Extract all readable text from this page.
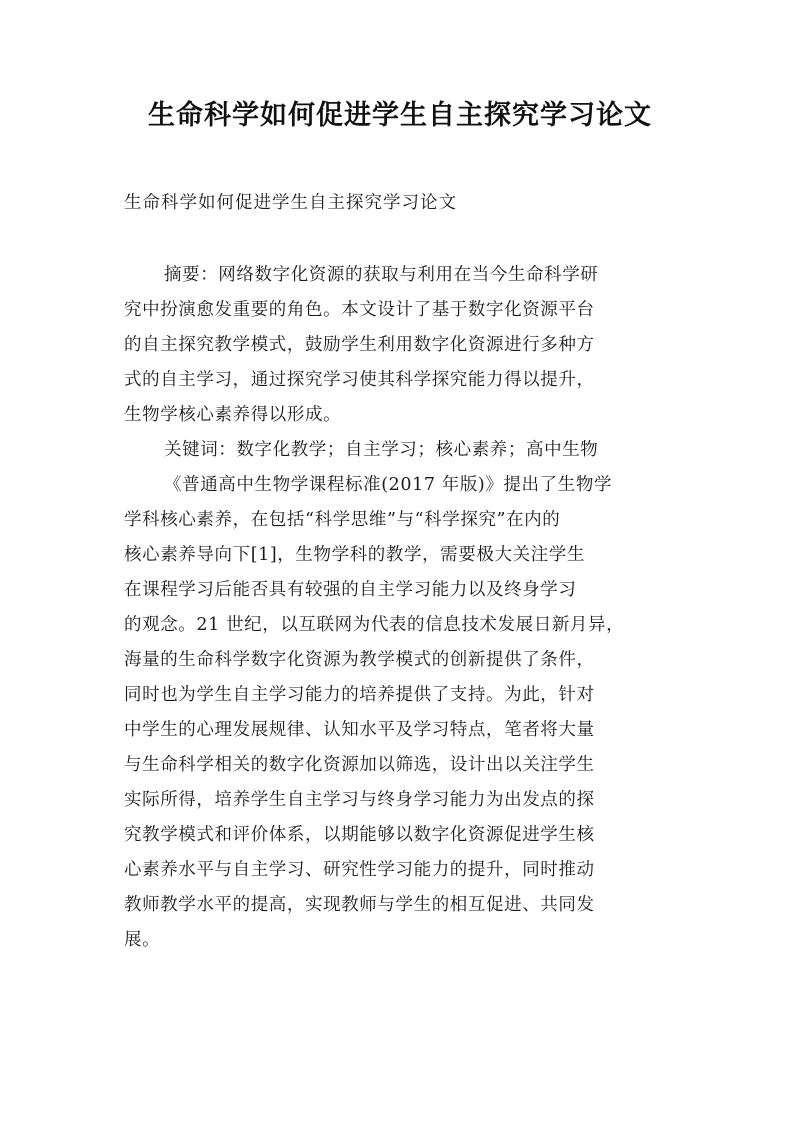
生命科学如何促进学生自主探究学习论文
生命科学如何促进学生自主探究学习论文
摘要：网络数字化资源的获取与利用在当今生命科学研
究中扮演愈发重要的角色。本文设计了基于数字化资源平台
的自主探究教学模式，鼓励学生利用数字化资源进行多种方
式的自主学习，通过探究学习使其科学探究能力得以提升，
生物学核心素养得以形成。
关键词：数字化教学；自主学习；核心素养；高中生物
《普通高中生物学课程标准(2017 年版)》提出了生物学
学科核心素养，在包括“科学思维”与“科学探究”在内的
核心素养导向下[1]，生物学科的教学，需要极大关注学生
在课程学习后能否具有较强的自主学习能力以及终身学习
的观念。21 世纪，以互联网为代表的信息技术发展日新月异，
海量的生命科学数字化资源为教学模式的创新提供了条件，
同时也为学生自主学习能力的培养提供了支持。为此，针对
中学生的心理发展规律、认知水平及学习特点，笔者将大量
与生命科学相关的数字化资源加以筛选，设计出以关注学生
实际所得，培养学生自主学习与终身学习能力为出发点的探
究教学模式和评价体系，以期能够以数字化资源促进学生核
心素养水平与自主学习、研究性学习能力的提升，同时推动
教师教学水平的提高，实现教师与学生的相互促进、共同发
展。
